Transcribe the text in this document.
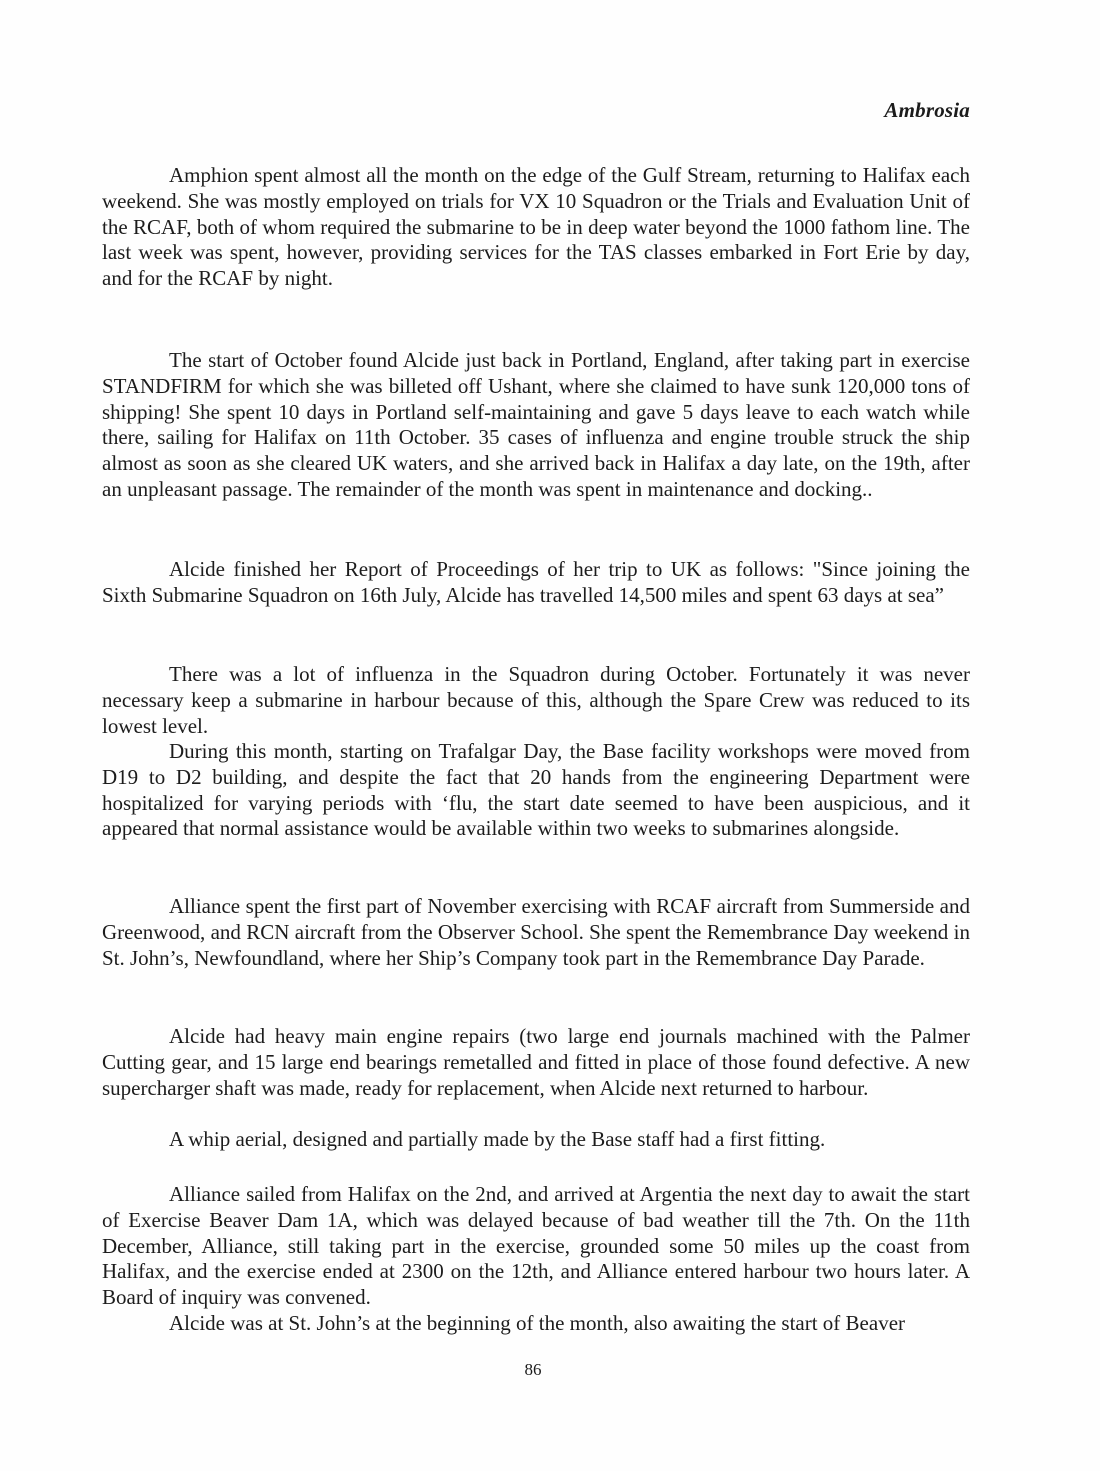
Ambrosia

Amphion spent almost all the month on the edge of the Gulf Stream, returning to Halifax each weekend. She was mostly employed on trials for VX 10 Squadron or the Trials and Evaluation Unit of the RCAF, both of whom required the submarine to be in deep water beyond the 1000 fathom line. The last week was spent, however, providing services for the TAS classes embarked in Fort Erie by day, and for the RCAF by night.

The start of October found Alcide just back in Portland, England, after taking part in exercise STANDFIRM for which she was billeted off Ushant, where she claimed to have sunk 120,000 tons of shipping! She spent 10 days in Portland self-maintaining and gave 5 days leave to each watch while there, sailing for Halifax on 11th October. 35 cases of influenza and engine trouble struck the ship almost as soon as she cleared UK waters, and she arrived back in Halifax a day late, on the 19th, after an unpleasant passage. The remainder of the month was spent in maintenance and docking..

Alcide finished her Report of Proceedings of her trip to UK as follows: "Since joining the Sixth Submarine Squadron on 16th July, Alcide has travelled 14,500 miles and spent 63 days at sea”

There was a lot of influenza in the Squadron during October. Fortunately it was never necessary keep a submarine in harbour because of this, although the Spare Crew was reduced to its lowest level.

During this month, starting on Trafalgar Day, the Base facility workshops were moved from D19 to D2 building, and despite the fact that 20 hands from the engineering Department were hospitalized for varying periods with ‘flu, the start date seemed to have been auspicious, and it appeared that normal assistance would be available within two weeks to submarines alongside.

Alliance spent the first part of November exercising with RCAF aircraft from Summerside and Greenwood, and RCN aircraft from the Observer School. She spent the Remembrance Day weekend in St. John’s, Newfoundland, where her Ship’s Company took part in the Remembrance Day Parade.

Alcide had heavy main engine repairs (two large end journals machined with the Palmer Cutting gear, and 15 large end bearings remetalled and fitted in place of those found defective. A new supercharger shaft was made, ready for replacement, when Alcide next returned to harbour.

A whip aerial, designed and partially made by the Base staff had a first fitting.

Alliance sailed from Halifax on the 2nd, and arrived at Argentia the next day to await the start of Exercise Beaver Dam 1A, which was delayed because of bad weather till the 7th. On the 11th December, Alliance, still taking part in the exercise, grounded some 50 miles up the coast from Halifax, and the exercise ended at 2300 on the 12th, and Alliance entered harbour two hours later. A Board of inquiry was convened.

Alcide was at St. John’s at the beginning of the month, also awaiting the start of Beaver

86
